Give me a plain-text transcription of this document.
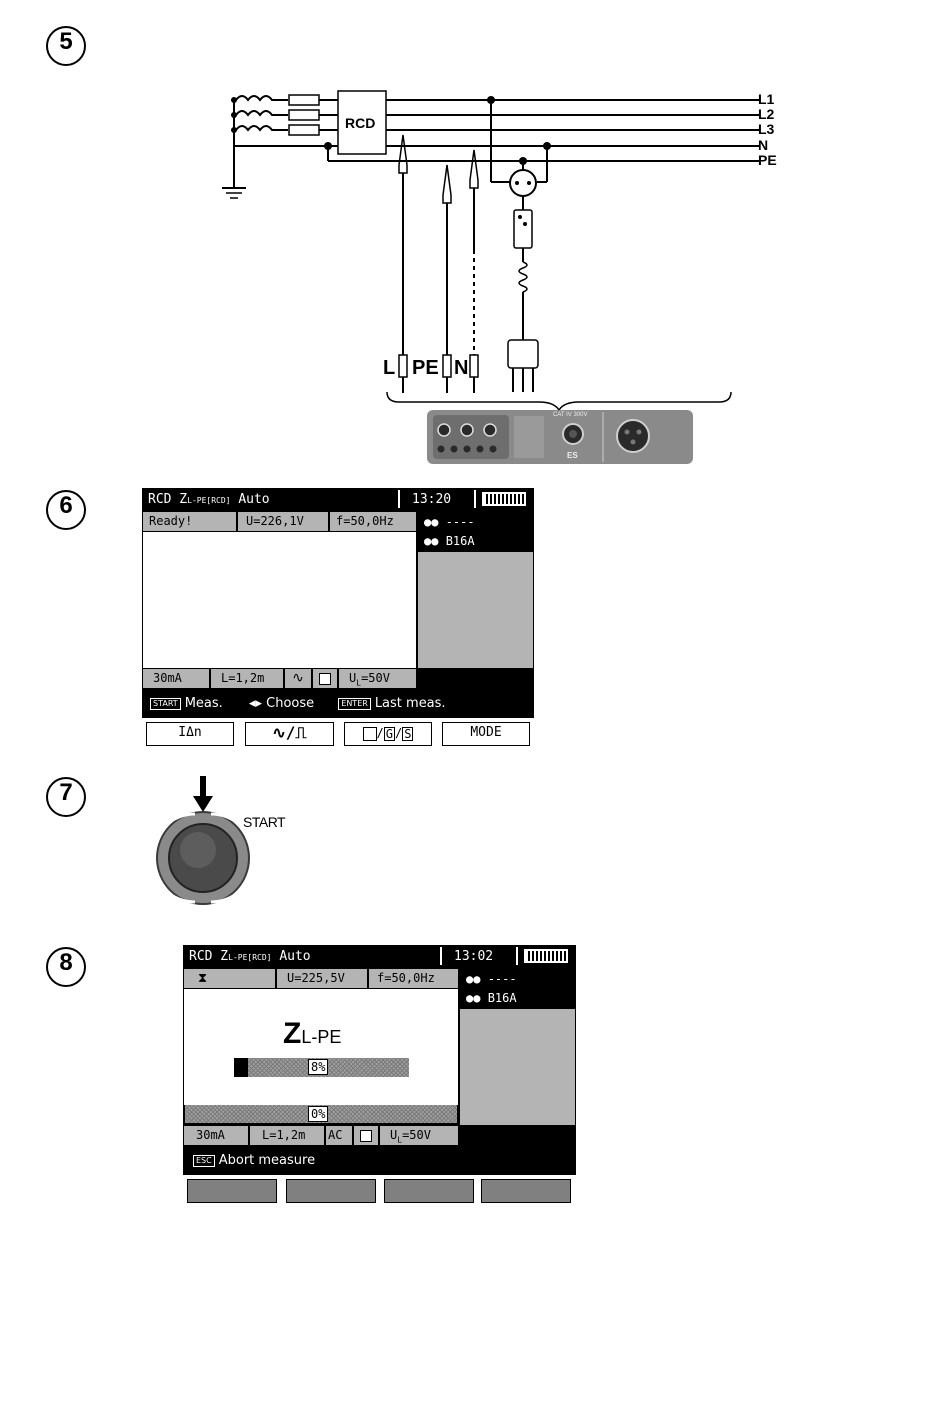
5
6
7
8
RCD
L1
L2
L3
N
PE
L PE N
CAT IV 300V
ES
RCD ZL-PE[RCD] Auto	13:20
Ready!	U=226,1V	f=50,0Hz	●● ----
●● B16A
30mA	L=1,2m	∿	$U_L=50V$
START Meas. ◂▸ Choose	ENTER Last meas.
IΔn	∿/⎍	/ G / S	MODE
START
RCD ZL-PE[RCD] Auto	13:02
⧗	U=225,5V	f=50,0Hz
ZL-PE
8%
0%
●● ----
●● B16A
30mA	L=1,2m	AC	$U_L=50V$
ESC Abort measure
